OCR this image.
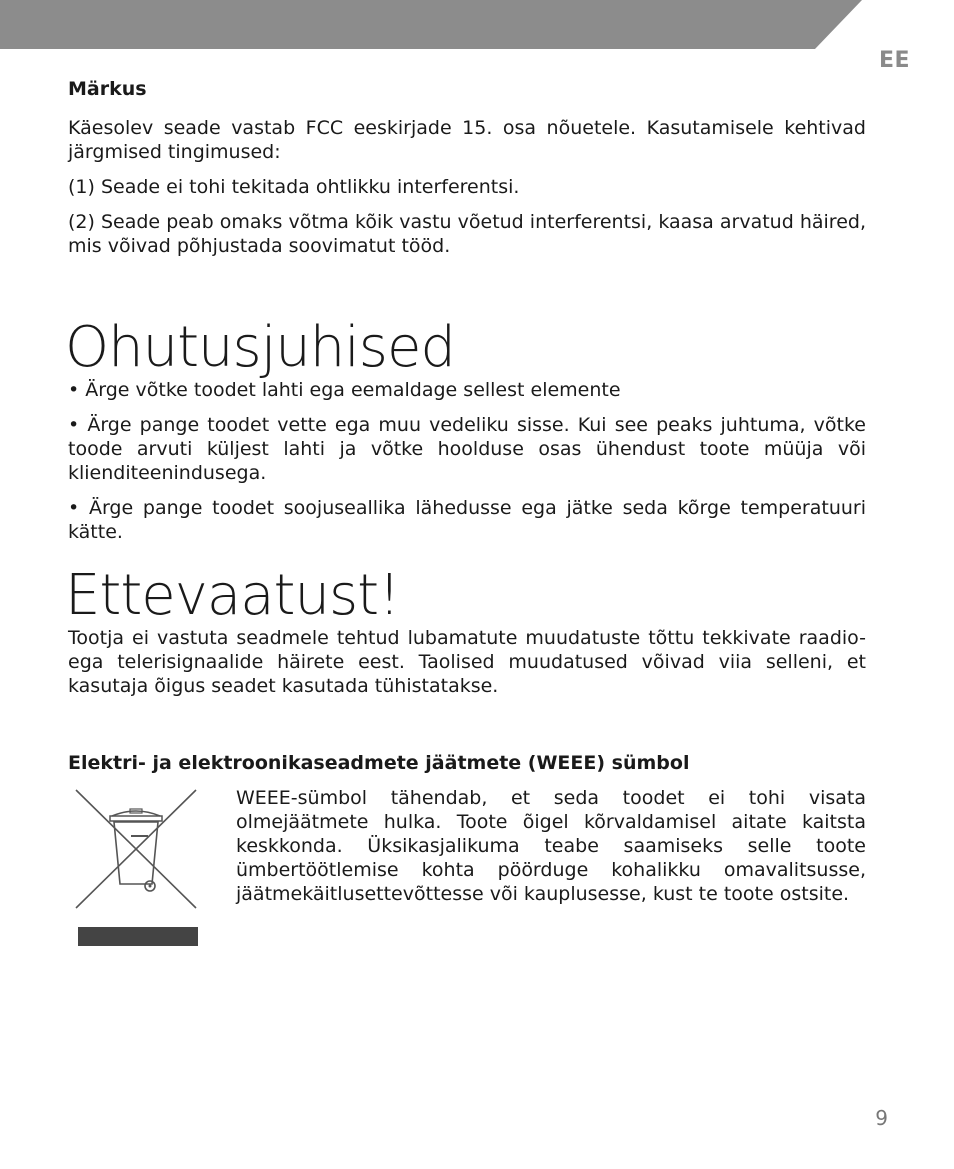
EE
Märkus

Käesolev seade vastab FCC eeskirjade 15. osa nõuetele. Kasutamisele kehtivad järgmised tingimused:

(1) Seade ei tohi tekitada ohtlikku interferentsi.

(2) Seade peab omaks võtma kõik vastu võetud interferentsi, kaasa arvatud häired, mis võivad põhjustada soovimatut tööd.

Ohutusjuhised

• Ärge võtke toodet lahti ega eemaldage sellest elemente

• Ärge pange toodet vette ega muu vedeliku sisse. Kui see peaks juhtuma, võtke toode arvuti küljest lahti ja võtke hoolduse osas ühendust toote müüja või klienditeenindusega.

• Ärge pange toodet soojuseallika lähedusse ega jätke seda kõrge temperatuuri kätte.

Ettevaatust!

Tootja ei vastuta seadmele tehtud lubamatute muudatuste tõttu tekkivate raadio- ega telerisignaalide häirete eest. Taolised muudatused võivad viia selleni, et kasutaja õigus seadet kasutada tühistatakse.

Elektri- ja elektroonikaseadmete jäätmete (WEEE) sümbol

WEEE-sümbol tähendab, et seda toodet ei tohi visata olmejäätmete hulka. Toote õigel kõrvaldamisel aitate kaitsta keskkonda. Üksikasjalikuma teabe saamiseks selle toote ümbertöötlemise kohta pöörduge kohalikku omavalitsusse, jäätmekäitlusettevõttesse või kauplusesse, kust te toote ostsite.

9
